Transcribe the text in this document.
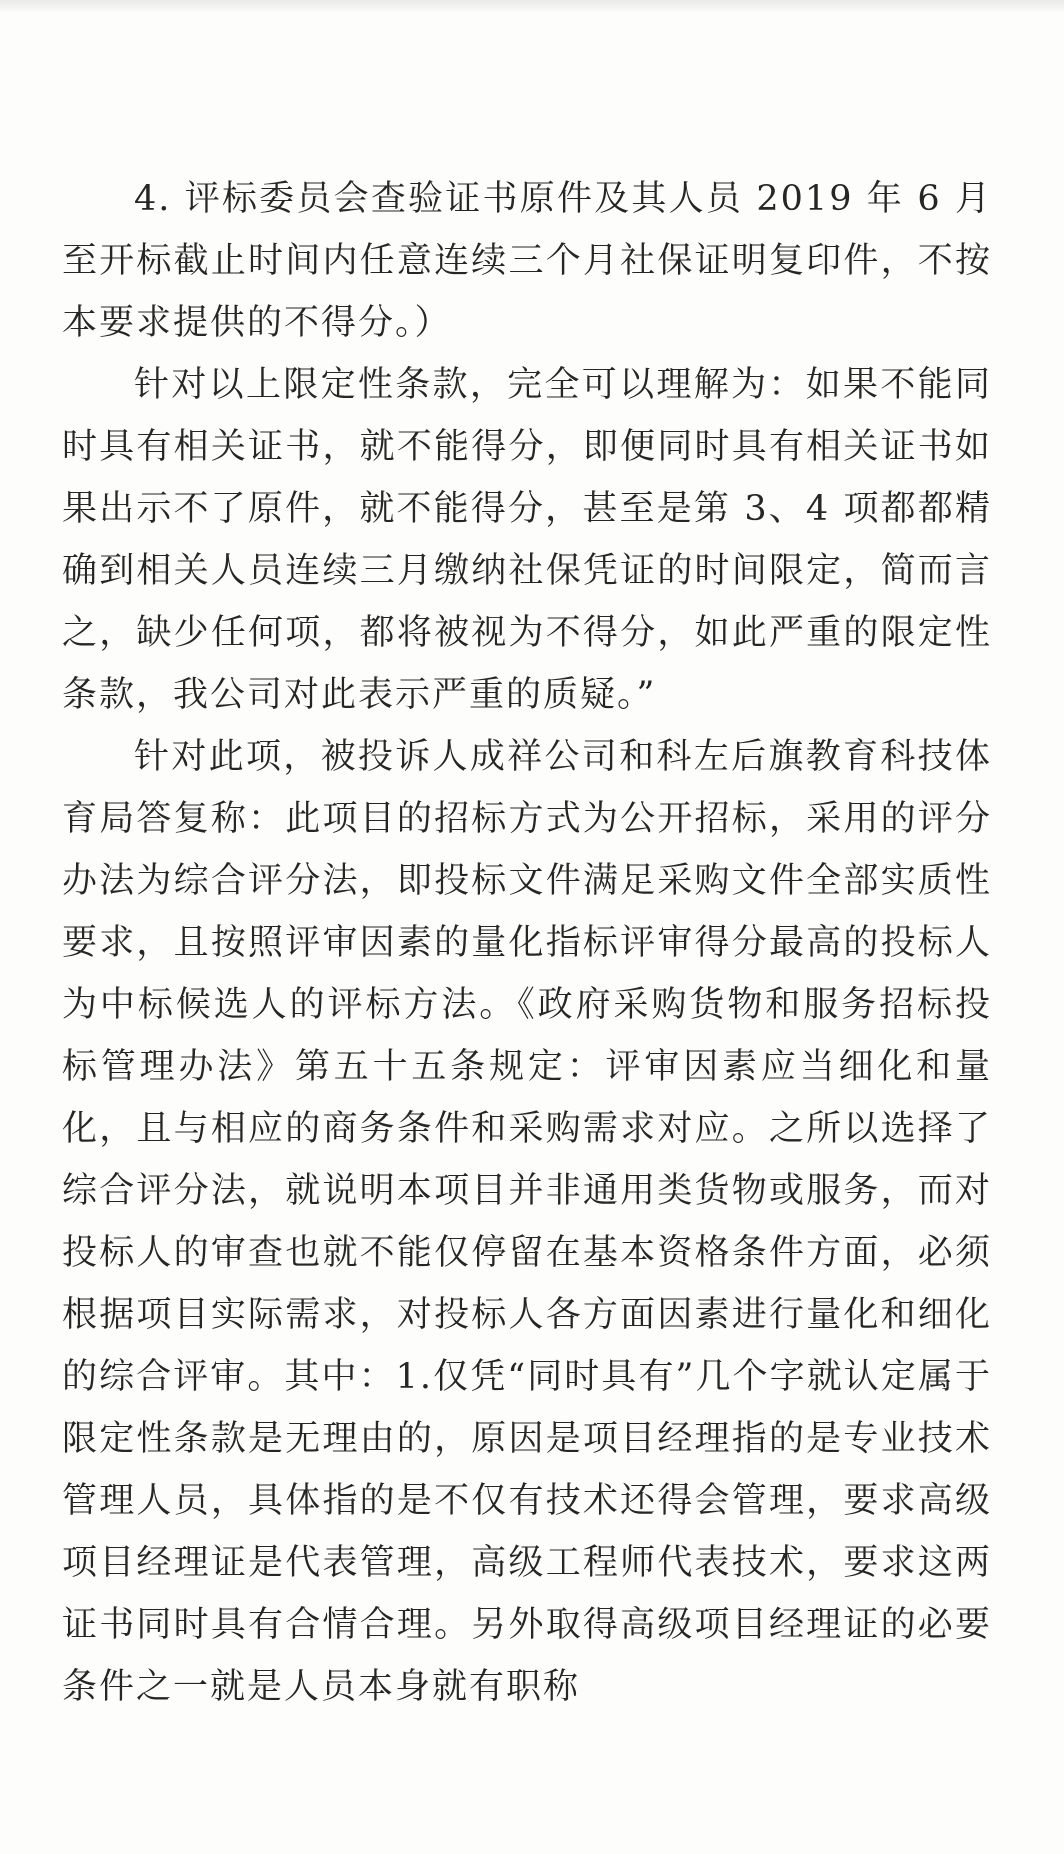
4. 评标委员会查验证书原件及其人员 2019 年 6 月至开标截止时间内任意连续三个月社保证明复印件，不按本要求提供的不得分。）

针对以上限定性条款，完全可以理解为：如果不能同时具有相关证书，就不能得分，即便同时具有相关证书如果出示不了原件，就不能得分，甚至是第 3、4 项都都精确到相关人员连续三月缴纳社保凭证的时间限定，简而言之，缺少任何项，都将被视为不得分，如此严重的限定性条款，我公司对此表示严重的质疑。”

针对此项，被投诉人成祥公司和科左后旗教育科技体育局答复称：此项目的招标方式为公开招标，采用的评分办法为综合评分法，即投标文件满足采购文件全部实质性要求，且按照评审因素的量化指标评审得分最高的投标人为中标候选人的评标方法。《政府采购货物和服务招标投标管理办法》第五十五条规定：评审因素应当细化和量化，且与相应的商务条件和采购需求对应。之所以选择了综合评分法，就说明本项目并非通用类货物或服务，而对投标人的审查也就不能仅停留在基本资格条件方面，必须根据项目实际需求，对投标人各方面因素进行量化和细化的综合评审。其中：1.仅凭“同时具有”几个字就认定属于限定性条款是无理由的，原因是项目经理指的是专业技术管理人员，具体指的是不仅有技术还得会管理，要求高级项目经理证是代表管理，高级工程师代表技术，要求这两证书同时具有合情合理。另外取得高级项目经理证的必要条件之一就是人员本身就有职称
